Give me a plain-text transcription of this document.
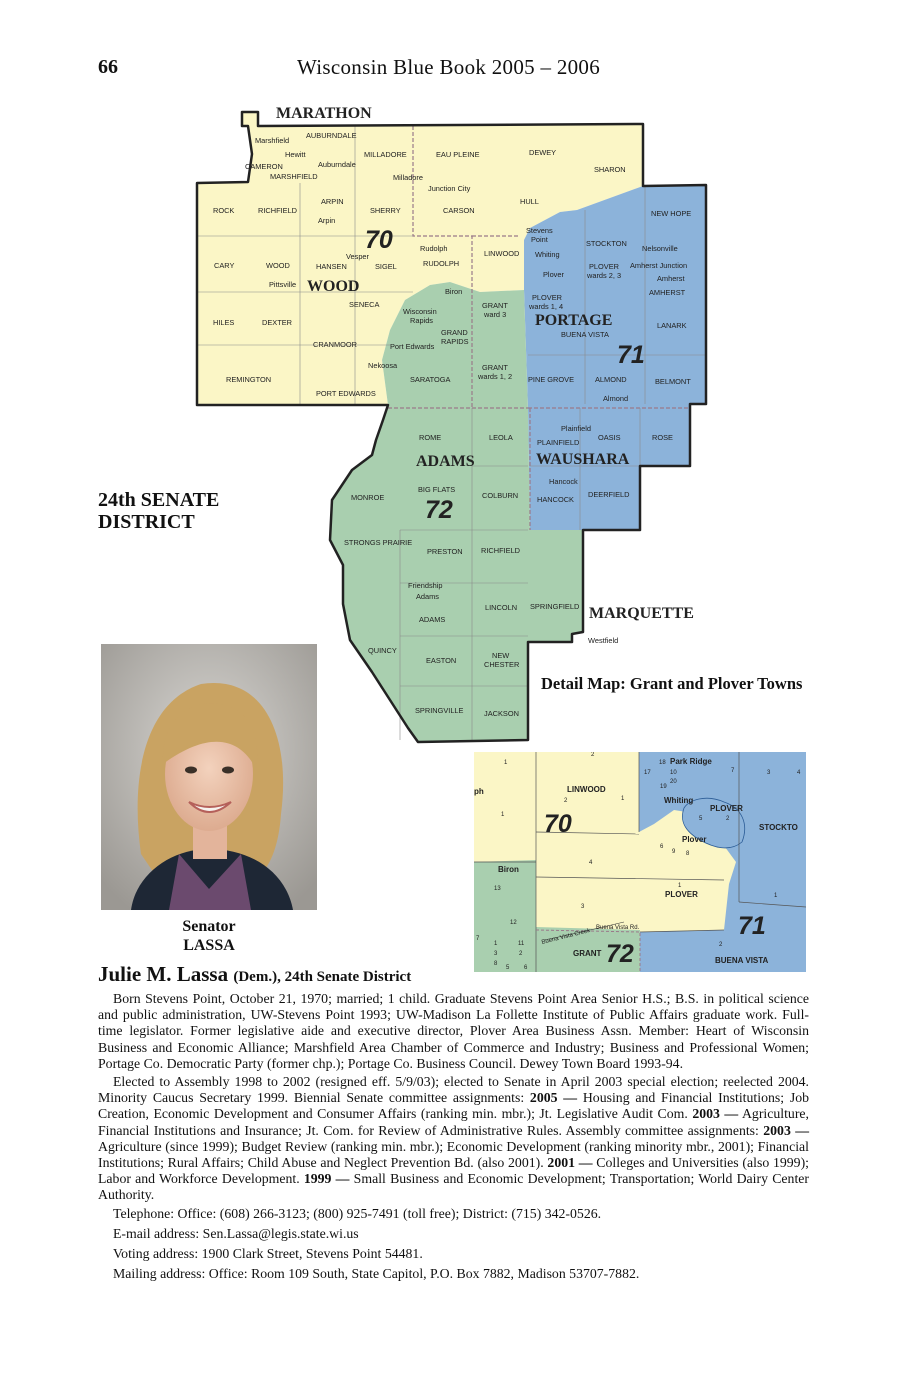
66	Wisconsin Blue Book 2005 – 2006
MARATHON
WOOD
PORTAGE
ADAMS	WAUSHARA
MARQUETTE
70
71
72
Marshfield
AUBURNDALE
Hewitt	MILLADORE	EAU PLEINE	DEWEY
SHARON
CAMERON	Auburndale
MARSHFIELD	Milladore
Junction City
ARPIN	HULL
ROCK	RICHFIELD	SHERRY	CARSON	NEW HOPE
Arpin
Stevens
Point	STOCKTON
Nelsonville
Rudolph
LINWOOD Whiting
Vesper
PLOVER
wards 2, 3
Amherst Junction
CARY	WOOD	HANSEN	SIGEL	RUDOLPH
Plover	Amherst
Pittsville
Biron	AMHERST
SENECA	GRANT
ward 3
PLOVER
wards 1, 4
Wisconsin
Rapids
HILES	DEXTER	LANARK
GRAND
RAPIDS
BUENA VISTA
CRANMOOR	Port Edwards
Nekoosa	GRANT
wards 1, 2
REMINGTON	SARATOGA	PINE GROVE	ALMOND	BELMONT
PORT EDWARDS
Almond
Plainfield
ROME	LEOLA
PLAINFIELD
OASIS	ROSE
Hancock
BIG FLATS
MONROE	COLBURN	HANCOCK
DEERFIELD
STRONGS PRAIRIE
PRESTON RICHFIELD
Friendship
Adams
LINCOLN SPRINGFIELD
ADAMS
Westfield
QUINCY
EASTON
NEW
CHESTER
SPRINGVILLE	JACKSON
24th SENATE
DISTRICT
Senator
LASSA
Detail Map: Grant and Plover Towns
LINWOOD
Park Ridge
Whiting
PLOVER
Plover
STOCKTO
Biron
PLOVER
GRANT
BUENA VISTA
ph
Buena Vista Rd.
Buena Vista Creek
70
71
72
1
2
2	1
1
4
3
1
3	4
1
2
17
19
20
18
10
6
9 8
5	2
7
13
12
7
11
1
3	2
8
5 6
Julie M. Lassa (Dem.), 24th Senate District

Born Stevens Point, October 21, 1970; married; 1 child. Graduate Stevens Point Area Senior H.S.; B.S. in political science and public administration, UW-Stevens Point 1993; UW-Madison La Follette Institute of Public Affairs graduate work. Full-time legislator. Former legislative aide and executive director, Plover Area Business Assn. Member: Heart of Wisconsin Business and Economic Alliance; Marshfield Area Chamber of Commerce and Industry; Business and Professional Women; Portage Co. Democratic Party (former chp.); Portage Co. Business Council. Dewey Town Board 1993-94.

Elected to Assembly 1998 to 2002 (resigned eff. 5/9/03); elected to Senate in April 2003 special election; reelected 2004. Minority Caucus Secretary 1999. Biennial Senate committee assignments: 2005 — Housing and Financial Institutions; Job Creation, Economic Development and Consumer Affairs (ranking min. mbr.); Jt. Legislative Audit Com. 2003 — Agriculture, Financial Institutions and Insurance; Jt. Com. for Review of Administrative Rules. Assembly committee assignments: 2003 — Agriculture (since 1999); Budget Review (ranking min. mbr.); Economic Development (ranking minority mbr., 2001); Financial Institutions; Rural Affairs; Child Abuse and Neglect Prevention Bd. (also 2001). 2001 — Colleges and Universities (also 1999); Labor and Workforce Development. 1999 — Small Business and Economic Development; Transportation; World Dairy Center Authority.

Telephone: Office: (608) 266-3123; (800) 925-7491 (toll free); District: (715) 342-0526.

E-mail address: Sen.Lassa@legis.state.wi.us

Voting address: 1900 Clark Street, Stevens Point 54481.

Mailing address: Office: Room 109 South, State Capitol, P.O. Box 7882, Madison 53707-7882.
